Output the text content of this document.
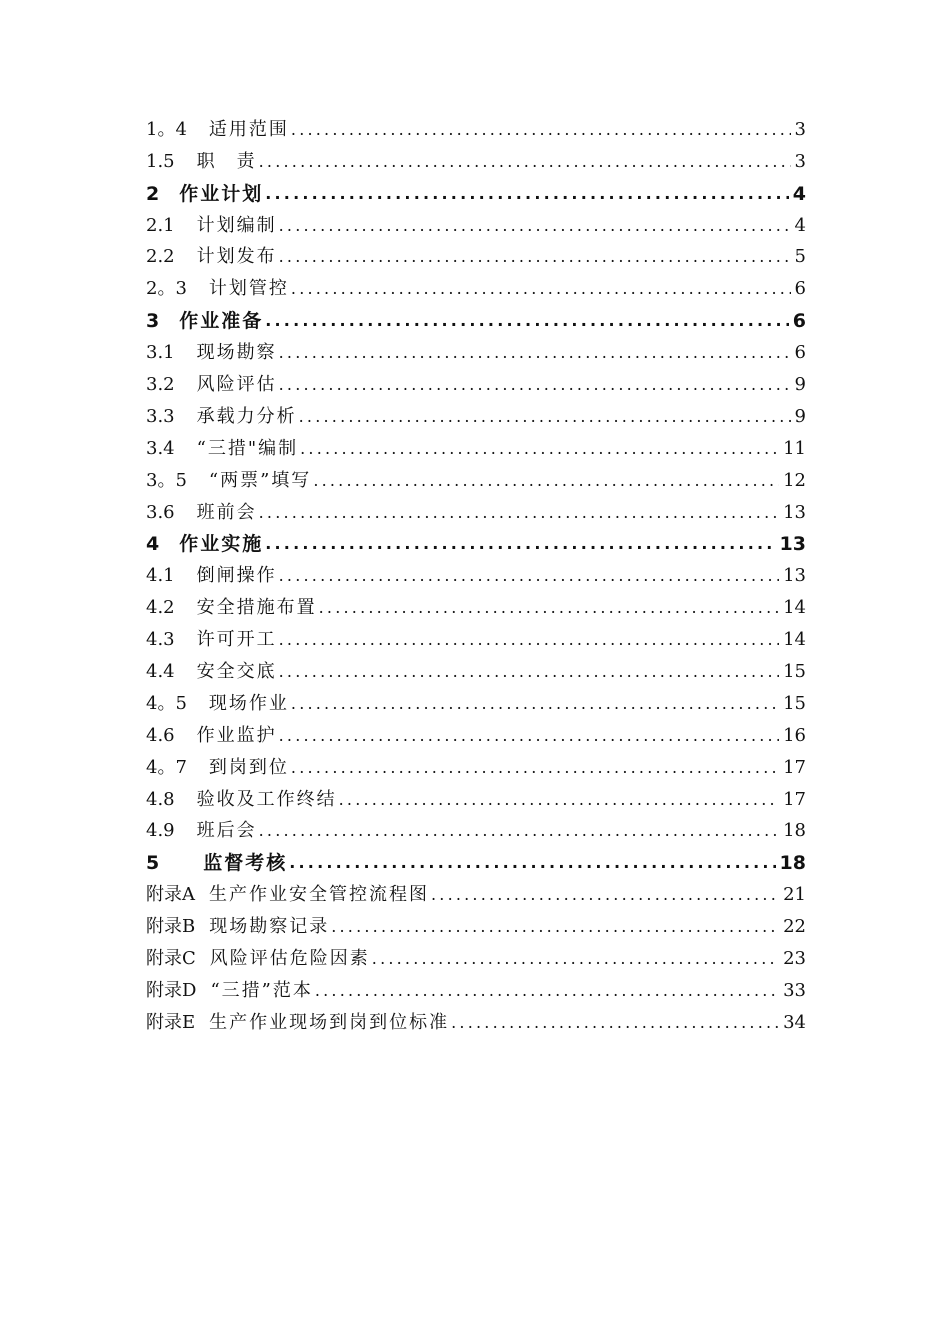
1。4 适用范围 .....	3
1.5 职　责 .....	3
2 作业计划 .....	4
2.1 计划编制 .....	4
2.2 计划发布 .....	5
2。3 计划管控 .....	6
3 作业准备 .....	6
3.1 现场勘察 .....	6
3.2 风险评估 .....	9
3.3 承载力分析 .....	9
3.4 “三措"编制 .....	11
3。5 “两票”填写 .....	12
3.6 班前会 .....	13
4 作业实施 .....	13
4.1 倒闸操作 .....	13
4.2 安全措施布置 .....	14
4.3 许可开工 .....	14
4.4 安全交底 .....	15
4。5 现场作业 .....	15
4.6 作业监护 .....	16
4。7 到岗到位 .....	17
4.8 验收及工作终结 .....	17
4.9 班后会 .....	18
5 监督考核 .....	18
附录A 生产作业安全管控流程图 .....	21
附录B 现场勘察记录 .....	22
附录C 风险评估危险因素 .....	23
附录D “三措”范本 .....	33
附录E 生产作业现场到岗到位标准 .....	34
